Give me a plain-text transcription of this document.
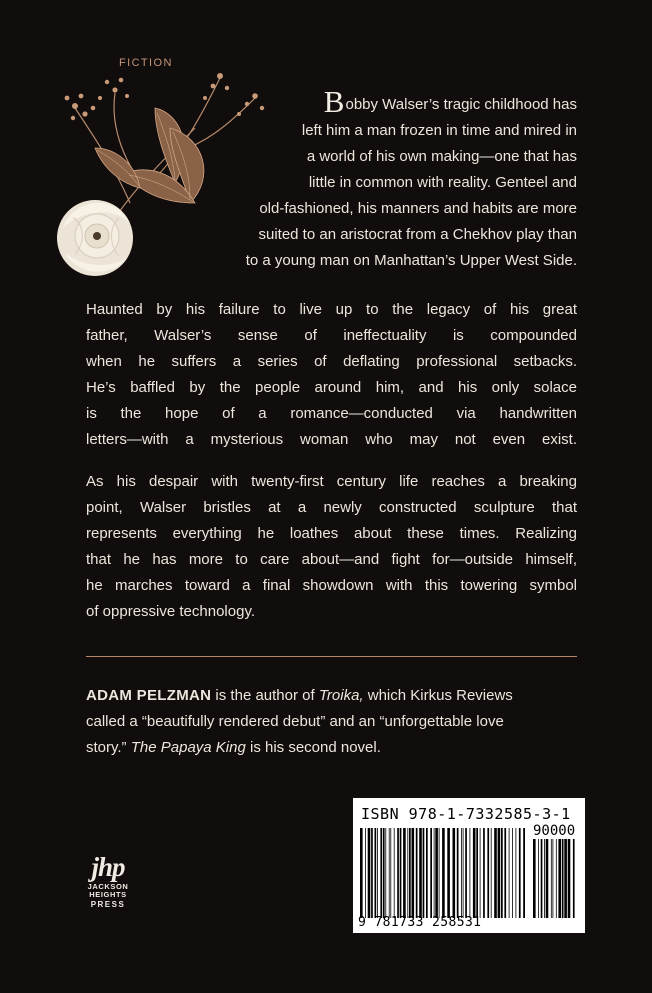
FICTION
Bobby Walser’s tragic childhood has
left him a man frozen in time and mired in
a world of his own making—one that has
little in common with reality. Genteel and
old-fashioned, his manners and habits are more
suited to an aristocrat from a Chekhov play than
to a young man on Manhattan’s Upper West Side.
Haunted by his failure to live up to the legacy of his great
father, Walser’s sense of ineffectuality is compounded
when he suffers a series of deflating professional setbacks.
He’s baffled by the people around him, and his only solace
is the hope of a romance—conducted via handwritten
letters—with a mysterious woman who may not even exist.
As his despair with twenty-first century life reaches a breaking
point, Walser bristles at a newly constructed sculpture that
represents everything he loathes about these times. Realizing
that he has more to care about—and fight for—outside himself,
he marches toward a final showdown with this towering symbol
of oppressive technology.
ADAM PELZMAN is the author of Troika, which Kirkus Reviews
called a “beautifully rendered debut” and an “unforgettable love
story.” The Papaya King is his second novel.
jhp
JACKSON
HEIGHTS
PRESS
ISBN 978-1-7332585-3-1
90000
9 781733 258531
